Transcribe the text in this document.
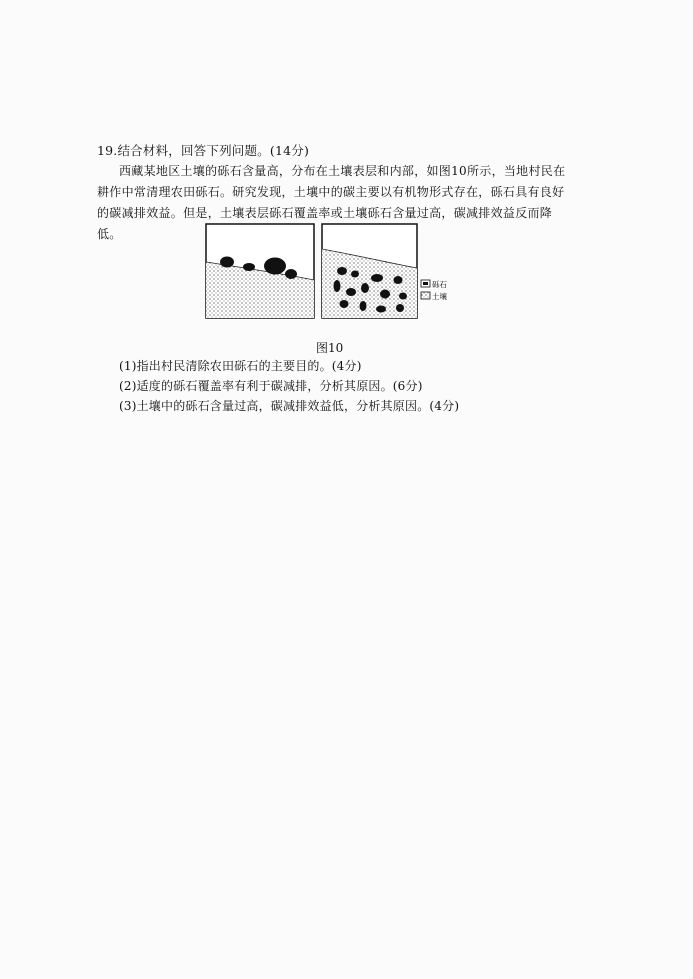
19.结合材料，回答下列问题。(14分)

西藏某地区土壤的砾石含量高，分布在土壤表层和内部，如图10所示，当地村民在耕作中常清理农田砾石。研究发现，土壤中的碳主要以有机物形式存在，砾石具有良好的碳减排效益。但是，土壤表层砾石覆盖率或土壤砾石含量过高，碳减排效益反而降低。

砾石
土壤
图10
(1)指出村民清除农田砾石的主要目的。(4分)
(2)适度的砾石覆盖率有利于碳减排，分析其原因。(6分)
(3)土壤中的砾石含量过高，碳减排效益低，分析其原因。(4分)
